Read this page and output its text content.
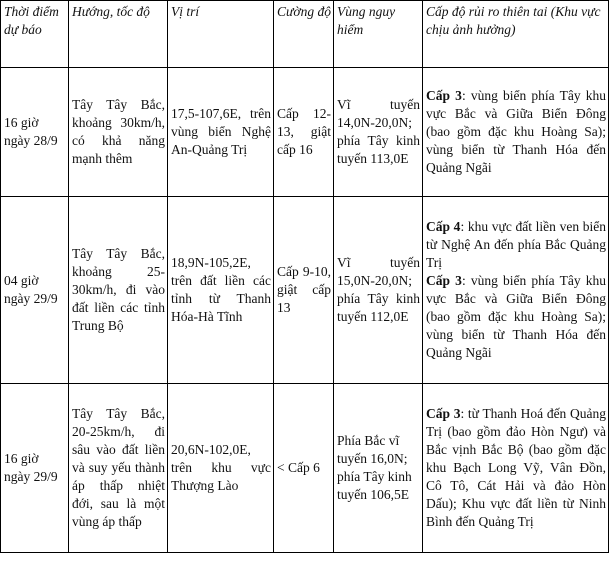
Thời điểm dự báo	Hướng, tốc độ	Vị trí	Cường độ	Vùng nguy hiểm	Cấp độ rủi ro thiên tai (Khu vực chịu ảnh hưởng)
16 giờ ngày 28/9	Tây Tây Bắc, khoảng 30km/h, có khả năng mạnh thêm	17,5-107,6E, trên vùng biển Nghệ An-Quảng Trị	Cấp 12-13, giật cấp 16	Vĩ tuyến 14,0N-20,0N; phía Tây kinh tuyến 113,0E	Cấp 3: vùng biển phía Tây khu vực Bắc và Giữa Biển Đông (bao gồm đặc khu Hoàng Sa); vùng biển từ Thanh Hóa đến Quảng Ngãi

04 giờ ngày 29/9	Tây Tây Bắc, khoảng 25-30km/h, đi vào đất liền các tỉnh Trung Bộ	18,9N-105,2E, trên đất liền các tỉnh từ Thanh Hóa-Hà Tĩnh	Cấp 9-10, giật cấp 13	Vĩ tuyến 15,0N-20,0N; phía Tây kinh tuyến 112,0E	Cấp 4: khu vực đất liền ven biển từ Nghệ An đến phía Bắc Quảng Trị
Cấp 3: vùng biển phía Tây khu vực Bắc và Giữa Biển Đông (bao gồm đặc khu Hoàng Sa); vùng biển từ Thanh Hóa đến Quảng Ngãi

16 giờ ngày 29/9	Tây Tây Bắc, 20-25km/h, đi sâu vào đất liền và suy yếu thành áp thấp nhiệt đới, sau là một vùng áp thấp	20,6N-102,0E, trên khu vực Thượng Lào	< Cấp 6	Phía Bắc vĩ tuyến 16,0N; phía Tây kinh tuyến 106,5E	Cấp 3: từ Thanh Hoá đến Quảng Trị (bao gồm đảo Hòn Ngư) và Bắc vịnh Bắc Bộ (bao gồm đặc khu Bạch Long Vỹ, Vân Đồn, Cô Tô, Cát Hải và đảo Hòn Dấu); Khu vực đất liền từ Ninh Bình đến Quảng Trị
